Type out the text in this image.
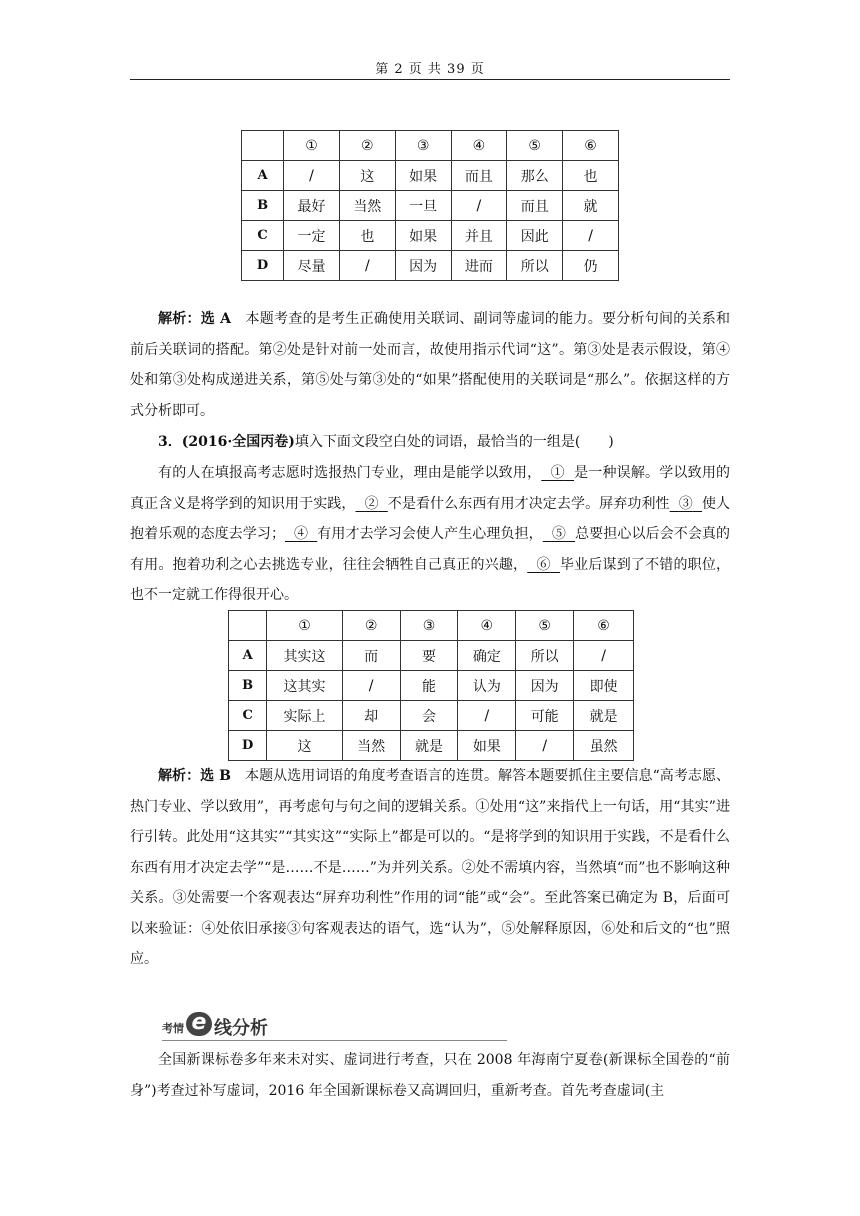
第 2 页 共 39 页
	①	②	③	④	⑤	⑥
A	/	这	如果	而且	那么	也
B	最好	当然	一旦	/	而且	就
C	一定	也	如果	并且	因此	/
D	尽量	/	因为	进而	所以	仍

解析：选 A　 本题考查的是考生正确使用关联词、副词等虚词的能力。要分析句间的关系和前后关联词的搭配。第②处是针对前一处而言，故使用指示代词“这”。第③处是表示假设，第④处和第③处构成递进关系，第⑤处与第③处的“如果”搭配使用的关联词是“那么”。依据这样的方式分析即可。

3．(2016·全国丙卷)填入下面文段空白处的词语，最恰当的一组是(　　)

有的人在填报高考志愿时选报热门专业，理由是能学以致用， ① 是一种误解。学以致用的真正含义是将学到的知识用于实践， ② 不是看什么东西有用才决定去学。屏弃功利性 ③ 使人抱着乐观的态度去学习； ④ 有用才去学习会使人产生心理负担， ⑤ 总要担心以后会不会真的有用。抱着功利之心去挑选专业，往往会牺牲自己真正的兴趣， ⑥ 毕业后谋到了不错的职位，也不一定就工作得很开心。

	①	②	③	④	⑤	⑥
A	其实这	而	要	确定	所以	/
B	这其实	/	能	认为	因为	即使
C	实际上	却	会	/	可能	就是
D	这	当然	就是	如果	/	虽然

解析：选 B　 本题从选用词语的角度考查语言的连贯。解答本题要抓住主要信息“高考志愿、热门专业、学以致用”，再考虑句与句之间的逻辑关系。①处用“这”来指代上一句话，用“其实”进行引转。此处用“这其实”“其实这”“实际上”都是可以的。“是将学到的知识用于实践，不是看什么东西有用才决定去学”“是……不是……”为并列关系。②处不需填内容，当然填“而”也不影响这种关系。③处需要一个客观表达“屏弃功利性”作用的词“能”或“会”。至此答案已确定为 B，后面可以来验证：④处依旧承接③句客观表达的语气，选“认为”，⑤处解释原因，⑥处和后文的“也”照应。

考情 e 线分析

全国新课标卷多年来未对实、虚词进行考查，只在 2008 年海南宁夏卷(新课标全国卷的“前身”)考查过补写虚词，2016 年全国新课标卷又高调回归，重新考查。首先考查虚词(主
